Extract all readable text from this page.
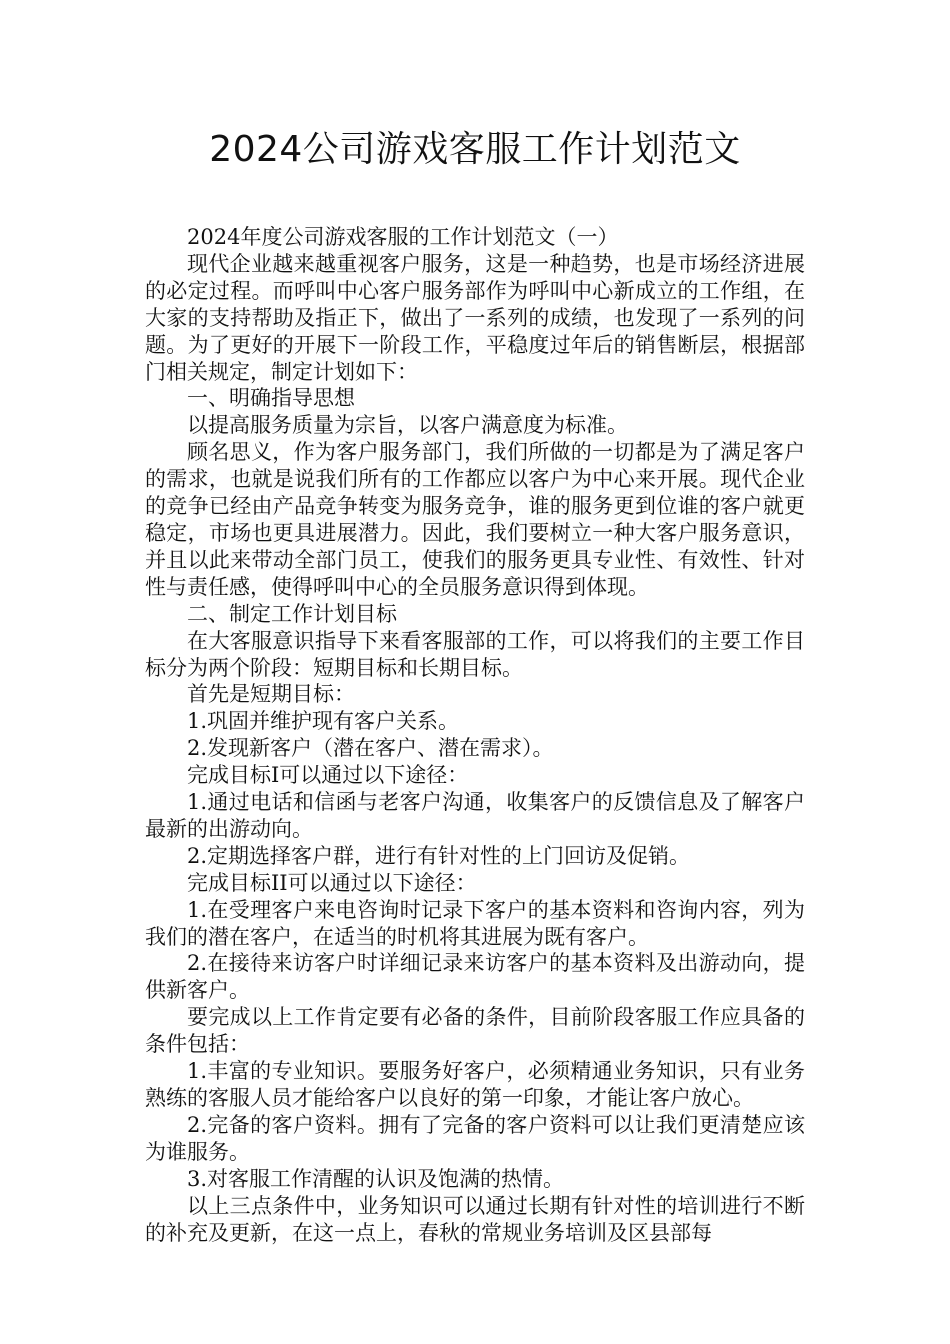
2024公司游戏客服工作计划范文

2024年度公司游戏客服的工作计划范文（一）

现代企业越来越重视客户服务，这是一种趋势，也是市场经济进展的必定过程。而呼叫中心客户服务部作为呼叫中心新成立的工作组，在大家的支持帮助及指正下，做出了一系列的成绩，也发现了一系列的问题。为了更好的开展下一阶段工作，平稳度过年后的销售断层，根据部门相关规定，制定计划如下：

一、明确指导思想

以提高服务质量为宗旨，以客户满意度为标准。

顾名思义，作为客户服务部门，我们所做的一切都是为了满足客户的需求，也就是说我们所有的工作都应以客户为中心来开展。现代企业的竞争已经由产品竞争转变为服务竞争，谁的服务更到位谁的客户就更稳定，市场也更具进展潜力。因此，我们要树立一种大客户服务意识，并且以此来带动全部门员工，使我们的服务更具专业性、有效性、针对性与责任感，使得呼叫中心的全员服务意识得到体现。

二、制定工作计划目标

在大客服意识指导下来看客服部的工作，可以将我们的主要工作目标分为两个阶段：短期目标和长期目标。

首先是短期目标：

1.巩固并维护现有客户关系。

2.发现新客户（潜在客户、潜在需求）。

完成目标I可以通过以下途径：

1.通过电话和信函与老客户沟通，收集客户的反馈信息及了解客户最新的出游动向。

2.定期选择客户群，进行有针对性的上门回访及促销。

完成目标II可以通过以下途径：

1.在受理客户来电咨询时记录下客户的基本资料和咨询内容，列为我们的潜在客户，在适当的时机将其进展为既有客户。

2.在接待来访客户时详细记录来访客户的基本资料及出游动向，提供新客户。

要完成以上工作肯定要有必备的条件，目前阶段客服工作应具备的条件包括：

1.丰富的专业知识。要服务好客户，必须精通业务知识，只有业务熟练的客服人员才能给客户以良好的第一印象，才能让客户放心。

2.完备的客户资料。拥有了完备的客户资料可以让我们更清楚应该为谁服务。

3.对客服工作清醒的认识及饱满的热情。

以上三点条件中，业务知识可以通过长期有针对性的培训进行不断的补充及更新，在这一点上，春秋的常规业务培训及区县部每
